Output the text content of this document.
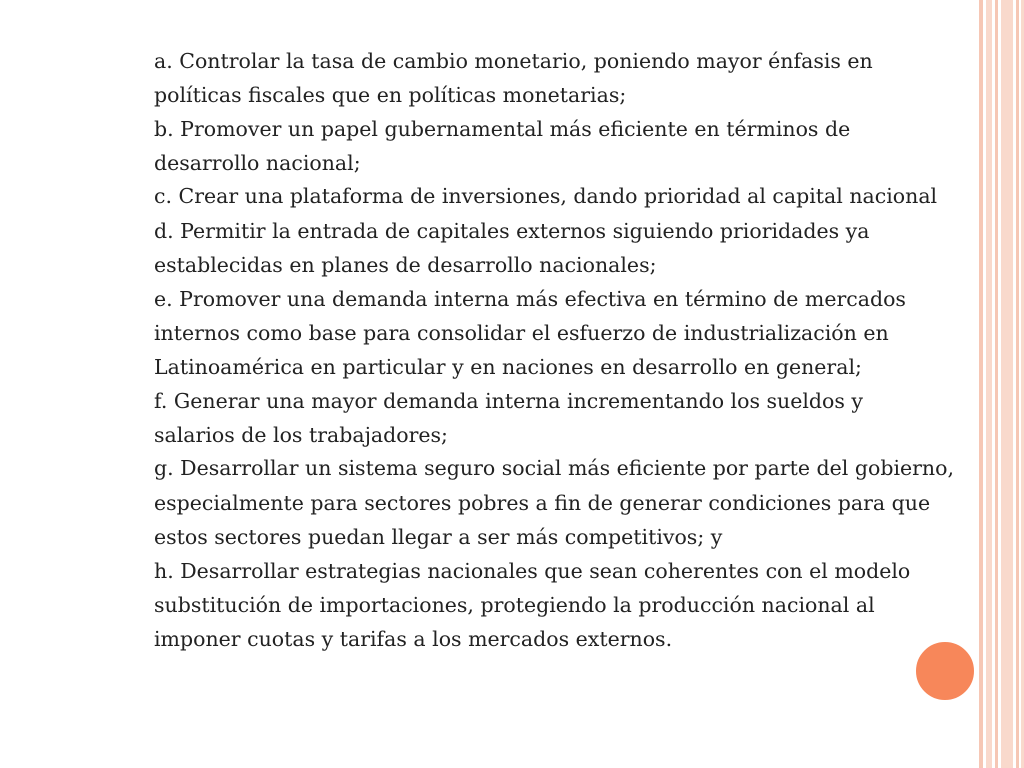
a. Controlar la tasa de cambio monetario, poniendo mayor énfasis en

políticas fiscales que en políticas monetarias;

b. Promover un papel gubernamental más eficiente en términos de

desarrollo nacional;

c. Crear una plataforma de inversiones, dando prioridad al capital nacional

d. Permitir la entrada de capitales externos siguiendo prioridades ya

establecidas en planes de desarrollo nacionales;

e. Promover una demanda interna más efectiva en término de mercados

internos como base para consolidar el esfuerzo de industrialización en

Latinoamérica en particular y en naciones en desarrollo en general;

f. Generar una mayor demanda interna incrementando los sueldos y

salarios de los trabajadores;

g. Desarrollar un sistema seguro social más eficiente por parte del gobierno,

especialmente para sectores pobres a fin de generar condiciones para que

estos sectores puedan llegar a ser más competitivos; y

h. Desarrollar estrategias nacionales que sean coherentes con el modelo

substitución de importaciones, protegiendo la producción nacional al

imponer cuotas y tarifas a los mercados externos.
